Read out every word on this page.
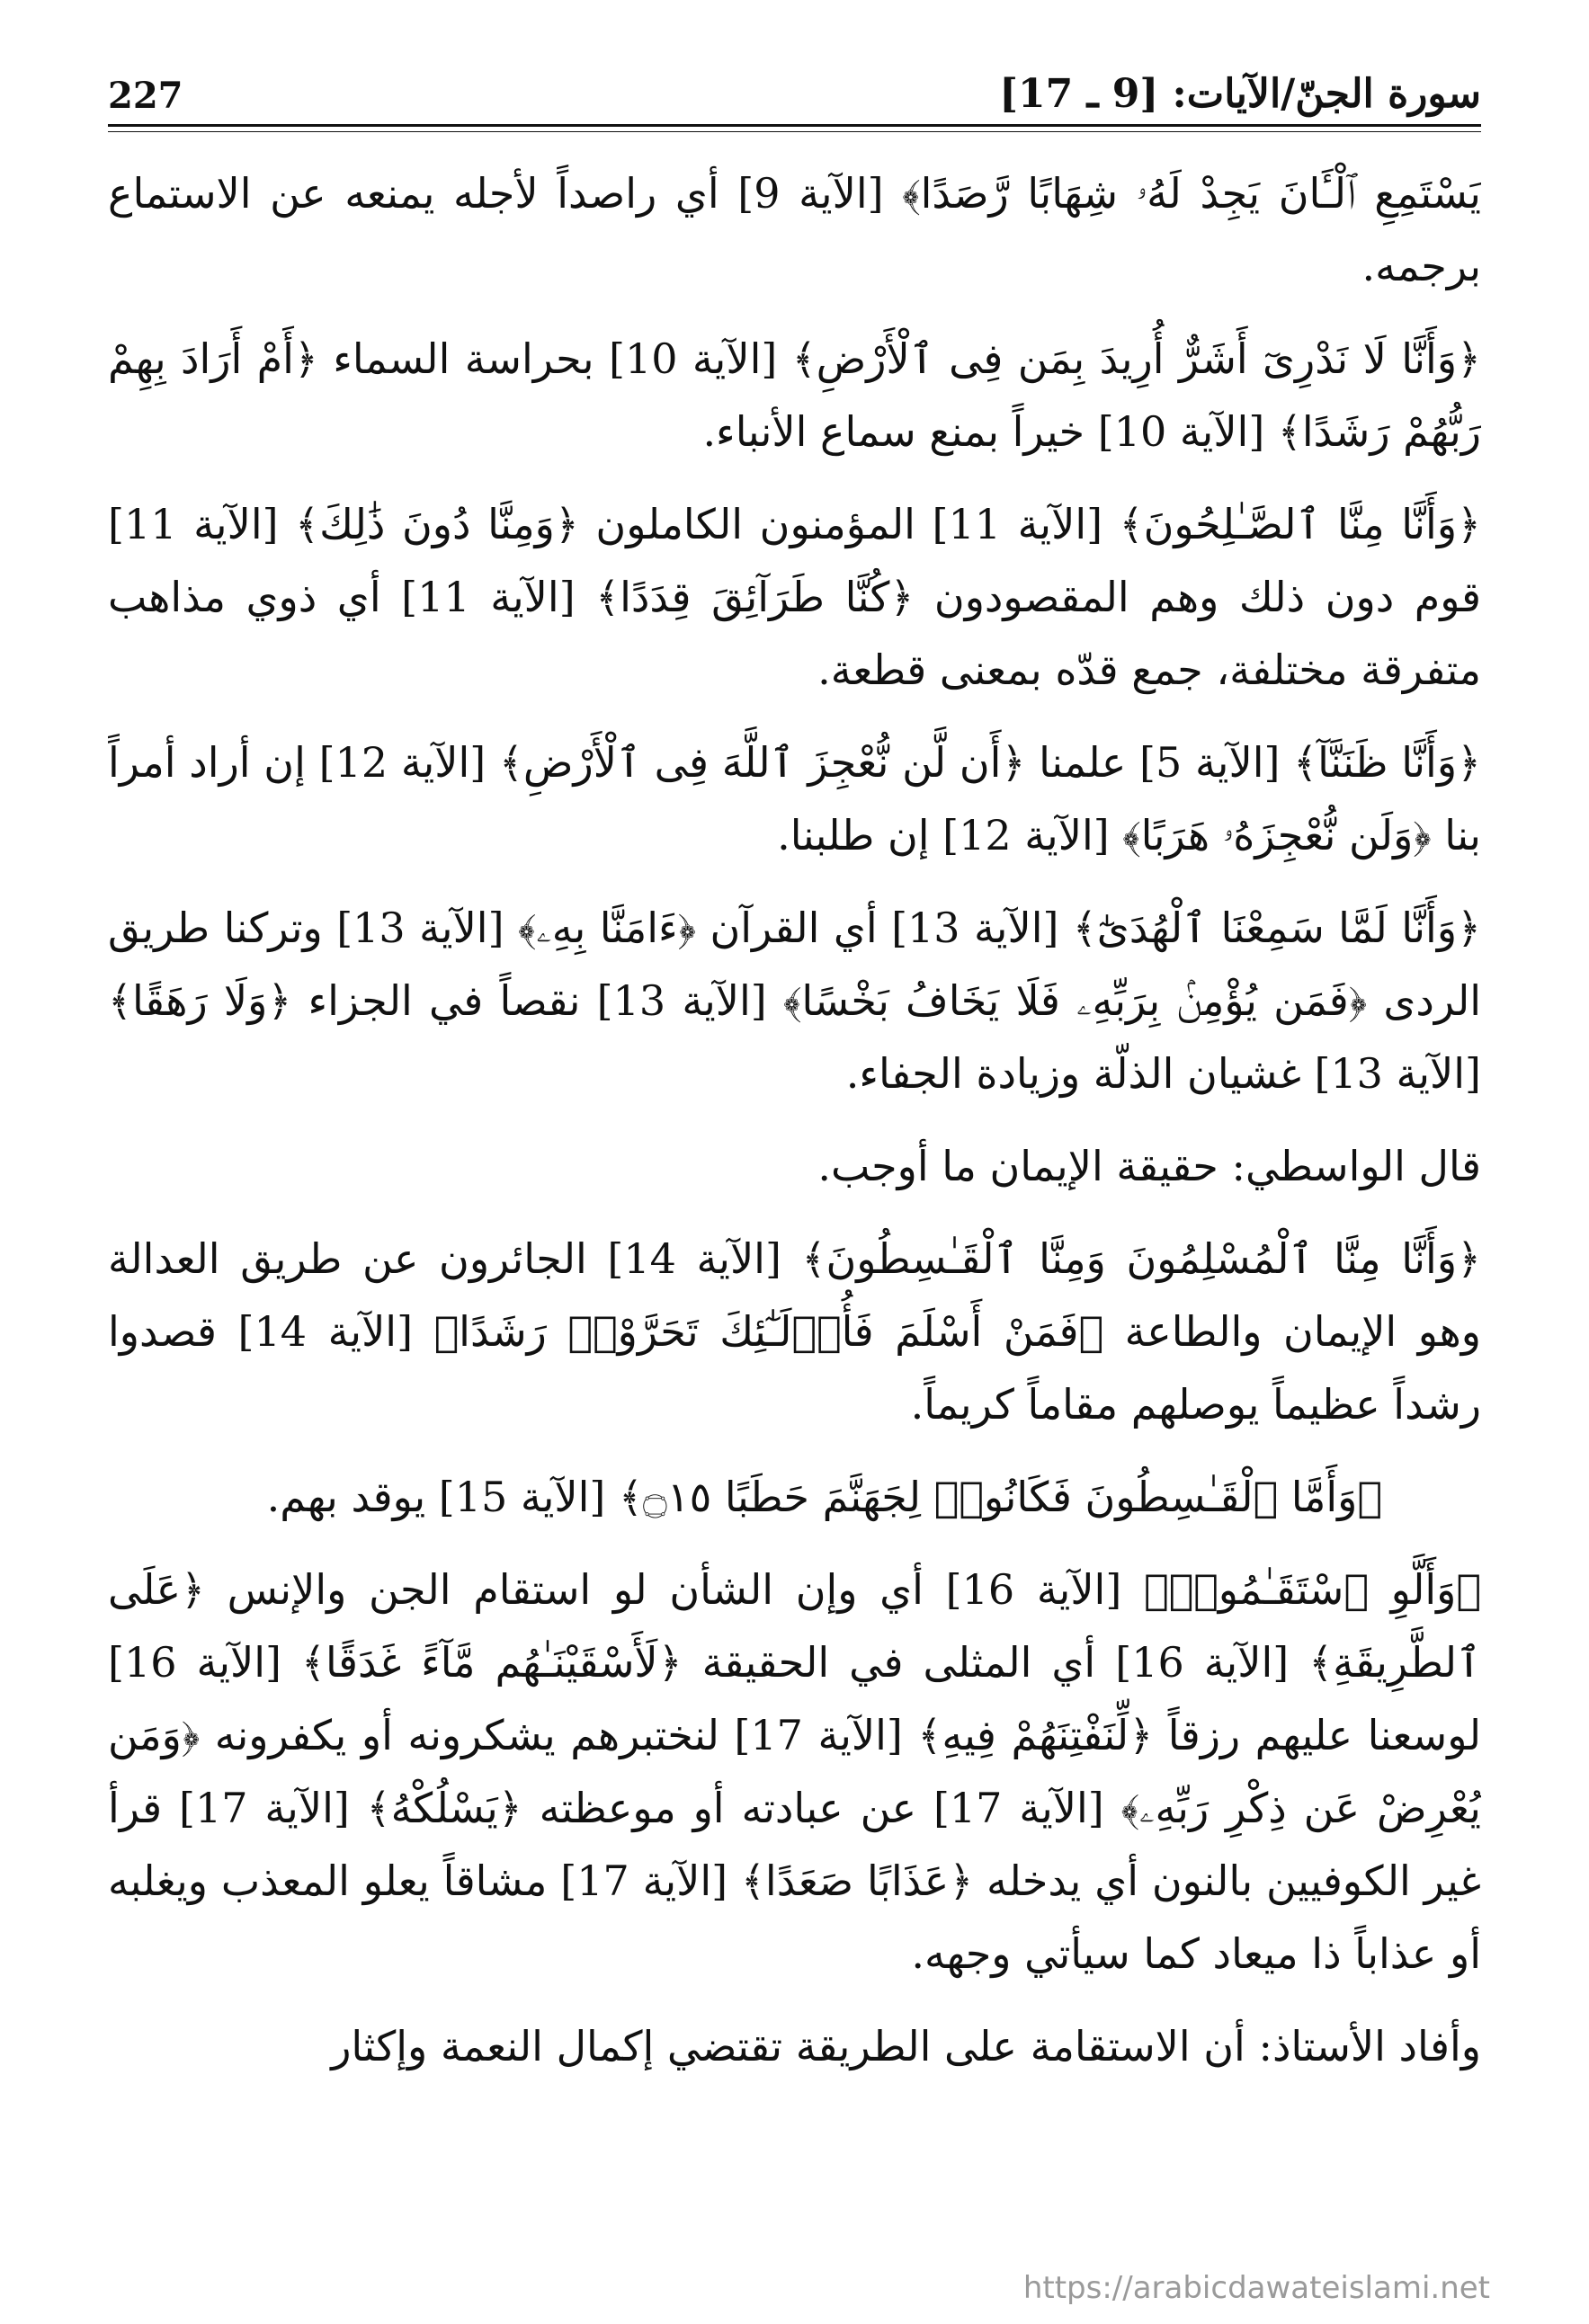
227	سورة الجنّ/الآيات: [9 ـ 17]

يَسْتَمِعِ ٱلْـَٔانَ يَجِدْ لَهُۥ شِهَابًا رَّصَدًا﴾ [الآية 9] أي راصداً لأجله يمنعه عن الاستماع برجمه.

﴿وَأَنَّا لَا نَدْرِىٓ أَشَرٌّ أُرِيدَ بِمَن فِى ٱلْأَرْضِ﴾ [الآية 10] بحراسة السماء ﴿أَمْ أَرَادَ بِهِمْ رَبُّهُمْ رَشَدًا﴾ [الآية 10] خيراً بمنع سماع الأنباء.

﴿وَأَنَّا مِنَّا ٱلصَّـٰلِحُونَ﴾ [الآية 11] المؤمنون الكاملون ﴿وَمِنَّا دُونَ ذَٰلِكَ﴾ [الآية 11] قوم دون ذلك وهم المقصودون ﴿كُنَّا طَرَآئِقَ قِدَدًا﴾ [الآية 11] أي ذوي مذاهب متفرقة مختلفة، جمع قدّه بمعنى قطعة.

﴿وَأَنَّا ظَنَنَّآ﴾ [الآية 5] علمنا ﴿أَن لَّن نُّعْجِزَ ٱللَّهَ فِى ٱلْأَرْضِ﴾ [الآية 12] إن أراد أمراً بنا ﴿وَلَن نُّعْجِزَهُۥ هَرَبًا﴾ [الآية 12] إن طلبنا.

﴿وَأَنَّا لَمَّا سَمِعْنَا ٱلْهُدَىٰٓ﴾ [الآية 13] أي القرآن ﴿ءَامَنَّا بِهِۦ﴾ [الآية 13] وتركنا طريق الردى ﴿فَمَن يُؤْمِنۢ بِرَبِّهِۦ فَلَا يَخَافُ بَخْسًا﴾ [الآية 13] نقصاً في الجزاء ﴿وَلَا رَهَقًا﴾ [الآية 13] غشيان الذلّة وزيادة الجفاء.

قال الواسطي: حقيقة الإيمان ما أوجب.

﴿وَأَنَّا مِنَّا ٱلْمُسْلِمُونَ وَمِنَّا ٱلْقَـٰسِطُونَ﴾ [الآية 14] الجائرون عن طريق العدالة وهو الإيمان والطاعة ﴿فَمَنْ أَسْلَمَ فَأُو۟لَـٰٓئِكَ تَحَرَّوْا۟ رَشَدًا﴾ [الآية 14] قصدوا رشداً عظيماً يوصلهم مقاماً كريماً.

﴿وَأَمَّا ٱلْقَـٰسِطُونَ فَكَانُوا۟ لِجَهَنَّمَ حَطَبًا ۝١٥﴾ [الآية 15] يوقد بهم.

﴿وَأَلَّوِ ٱسْتَقَـٰمُوا۟﴾ [الآية 16] أي وإن الشأن لو استقام الجن والإنس ﴿عَلَى ٱلطَّرِيقَةِ﴾ [الآية 16] أي المثلى في الحقيقة ﴿لَأَسْقَيْنَـٰهُم مَّآءً غَدَقًا﴾ [الآية 16] لوسعنا عليهم رزقاً ﴿لِّنَفْتِنَهُمْ فِيهِ﴾ [الآية 17] لنختبرهم يشكرونه أو يكفرونه ﴿وَمَن يُعْرِضْ عَن ذِكْرِ رَبِّهِۦ﴾ [الآية 17] عن عبادته أو موعظته ﴿يَسْلُكْهُ﴾ [الآية 17] قرأ غير الكوفيين بالنون أي يدخله ﴿عَذَابًا صَعَدًا﴾ [الآية 17] مشاقاً يعلو المعذب ويغلبه أو عذاباً ذا ميعاد كما سيأتي وجهه.

وأفاد الأستاذ: أن الاستقامة على الطريقة تقتضي إكمال النعمة وإكثار

https://arabicdawateislami.net
